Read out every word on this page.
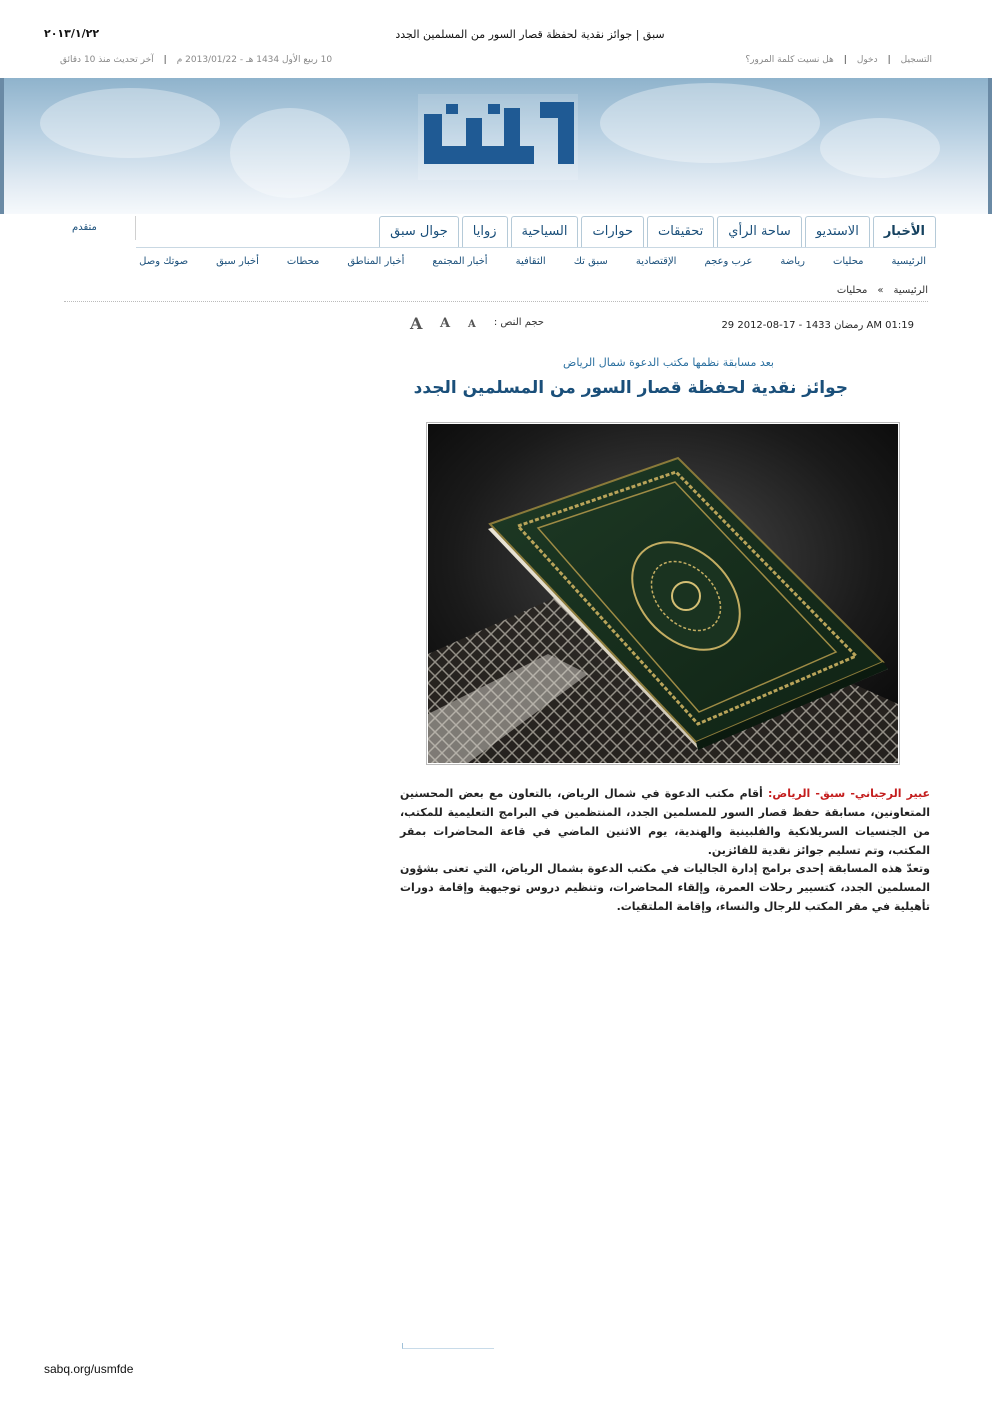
٢٠١٣/١/٢٢	سبق | جوائز نقدية لحفظة قصار السور من المسلمين الجدد
التسجيل|دخول|هل نسيت كلمة المرور؟
10 ربيع الأول 1434 هـ - 2013/01/22 م|آخر تحديث منذ 10 دقائق
متقدم	الأخبار
الاستديو
ساحة الرأي
تحقيقات
حوارات
السياحية
زوايا
جوال سبق
الرئيسية
محليات
رياضة
عرب وعجم
الإقتصادية
سبق تك
الثقافية
أخبار المجتمع
أخبار المناطق
محطات
أخبار سبق
صوتك وصل
الرئيسية»محليات
29 رمضان 1433 - 17-08-2012 AM 01:19
حجم النص :
A
A
A
بعد مسابقة نظمها مكتب الدعوة شمال الرياض
جوائز نقدية لحفظة قصار السور من المسلمين الجدد

عبير الرجباني- سبق- الرياض: أقام مكتب الدعوة في شمال الرياض، بالتعاون مع بعض المحسنين المتعاونين، مسابقة حفظ قصار السور للمسلمين الجدد، المنتظمين في البرامج التعليمية للمكتب، من الجنسيات السريلانكية والفلبينية والهندية، يوم الاثنين الماضي في قاعة المحاضرات بمقر المكتب، وتم تسليم جوائز نقدية للفائزين.

وتعدّ هذه المسابقة إحدى برامج إدارة الجاليات في مكتب الدعوة بشمال الرياض، التي تعنى بشؤون المسلمين الجدد، كتسيير رحلات العمرة، وإلقاء المحاضرات، وتنظيم دروس توجيهية وإقامة دورات تأهيلية في مقر المكتب للرجال والنساء، وإقامة الملتقيات.

sabq.org/usmfde
